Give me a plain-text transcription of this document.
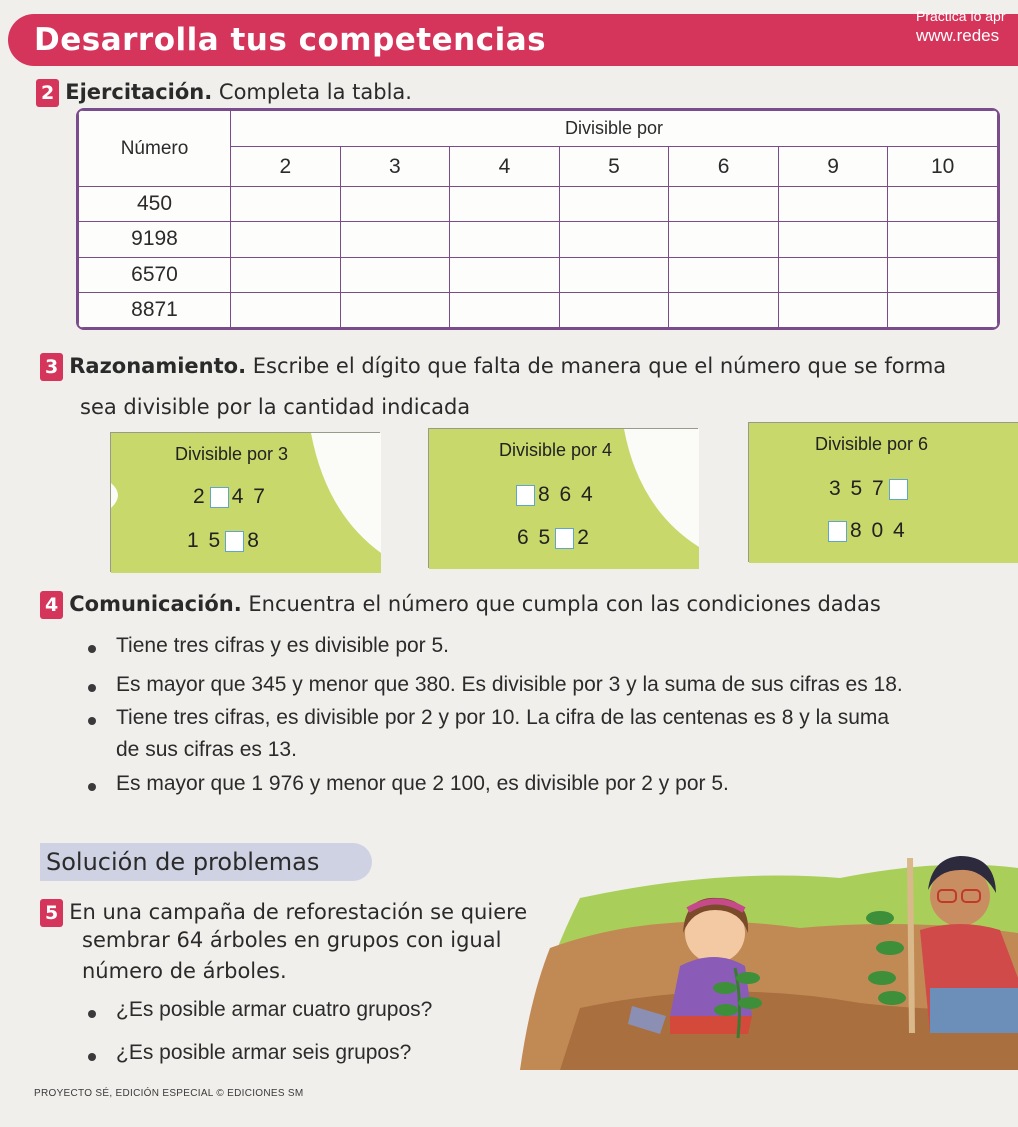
Desarrolla tus competencias
Practica lo apr
www.redes
2 Ejercitación. Completa la tabla.
Número	Divisible por						
	2	3	4	5	6	9	10
450							
9198							
6570							
8871							
3 Razonamiento. Escribe el dígito que falta de manera que el número que se forma
sea divisible por la cantidad indicada
Divisible por 3
2 4 7
1 5 8
Divisible por 4
8 6 4
6 5 2
Divisible por 6
3 5 7
8 0 4
4 Comunicación. Encuentra el número que cumpla con las condiciones dadas
Tiene tres cifras y es divisible por 5.
Es mayor que 345 y menor que 380. Es divisible por 3 y la suma de sus cifras es 18.
Tiene tres cifras, es divisible por 2 y por 10. La cifra de las centenas es 8 y la suma
de sus cifras es 13.
Es mayor que 1 976 y menor que 2 100, es divisible por 2 y por 5.
Solución de problemas
5 En una campaña de reforestación se quiere
sembrar 64 árboles en grupos con igual
número de árboles.
¿Es posible armar cuatro grupos?
¿Es posible armar seis grupos?
PROYECTO SÉ, EDICIÓN ESPECIAL © EDICIONES SM
